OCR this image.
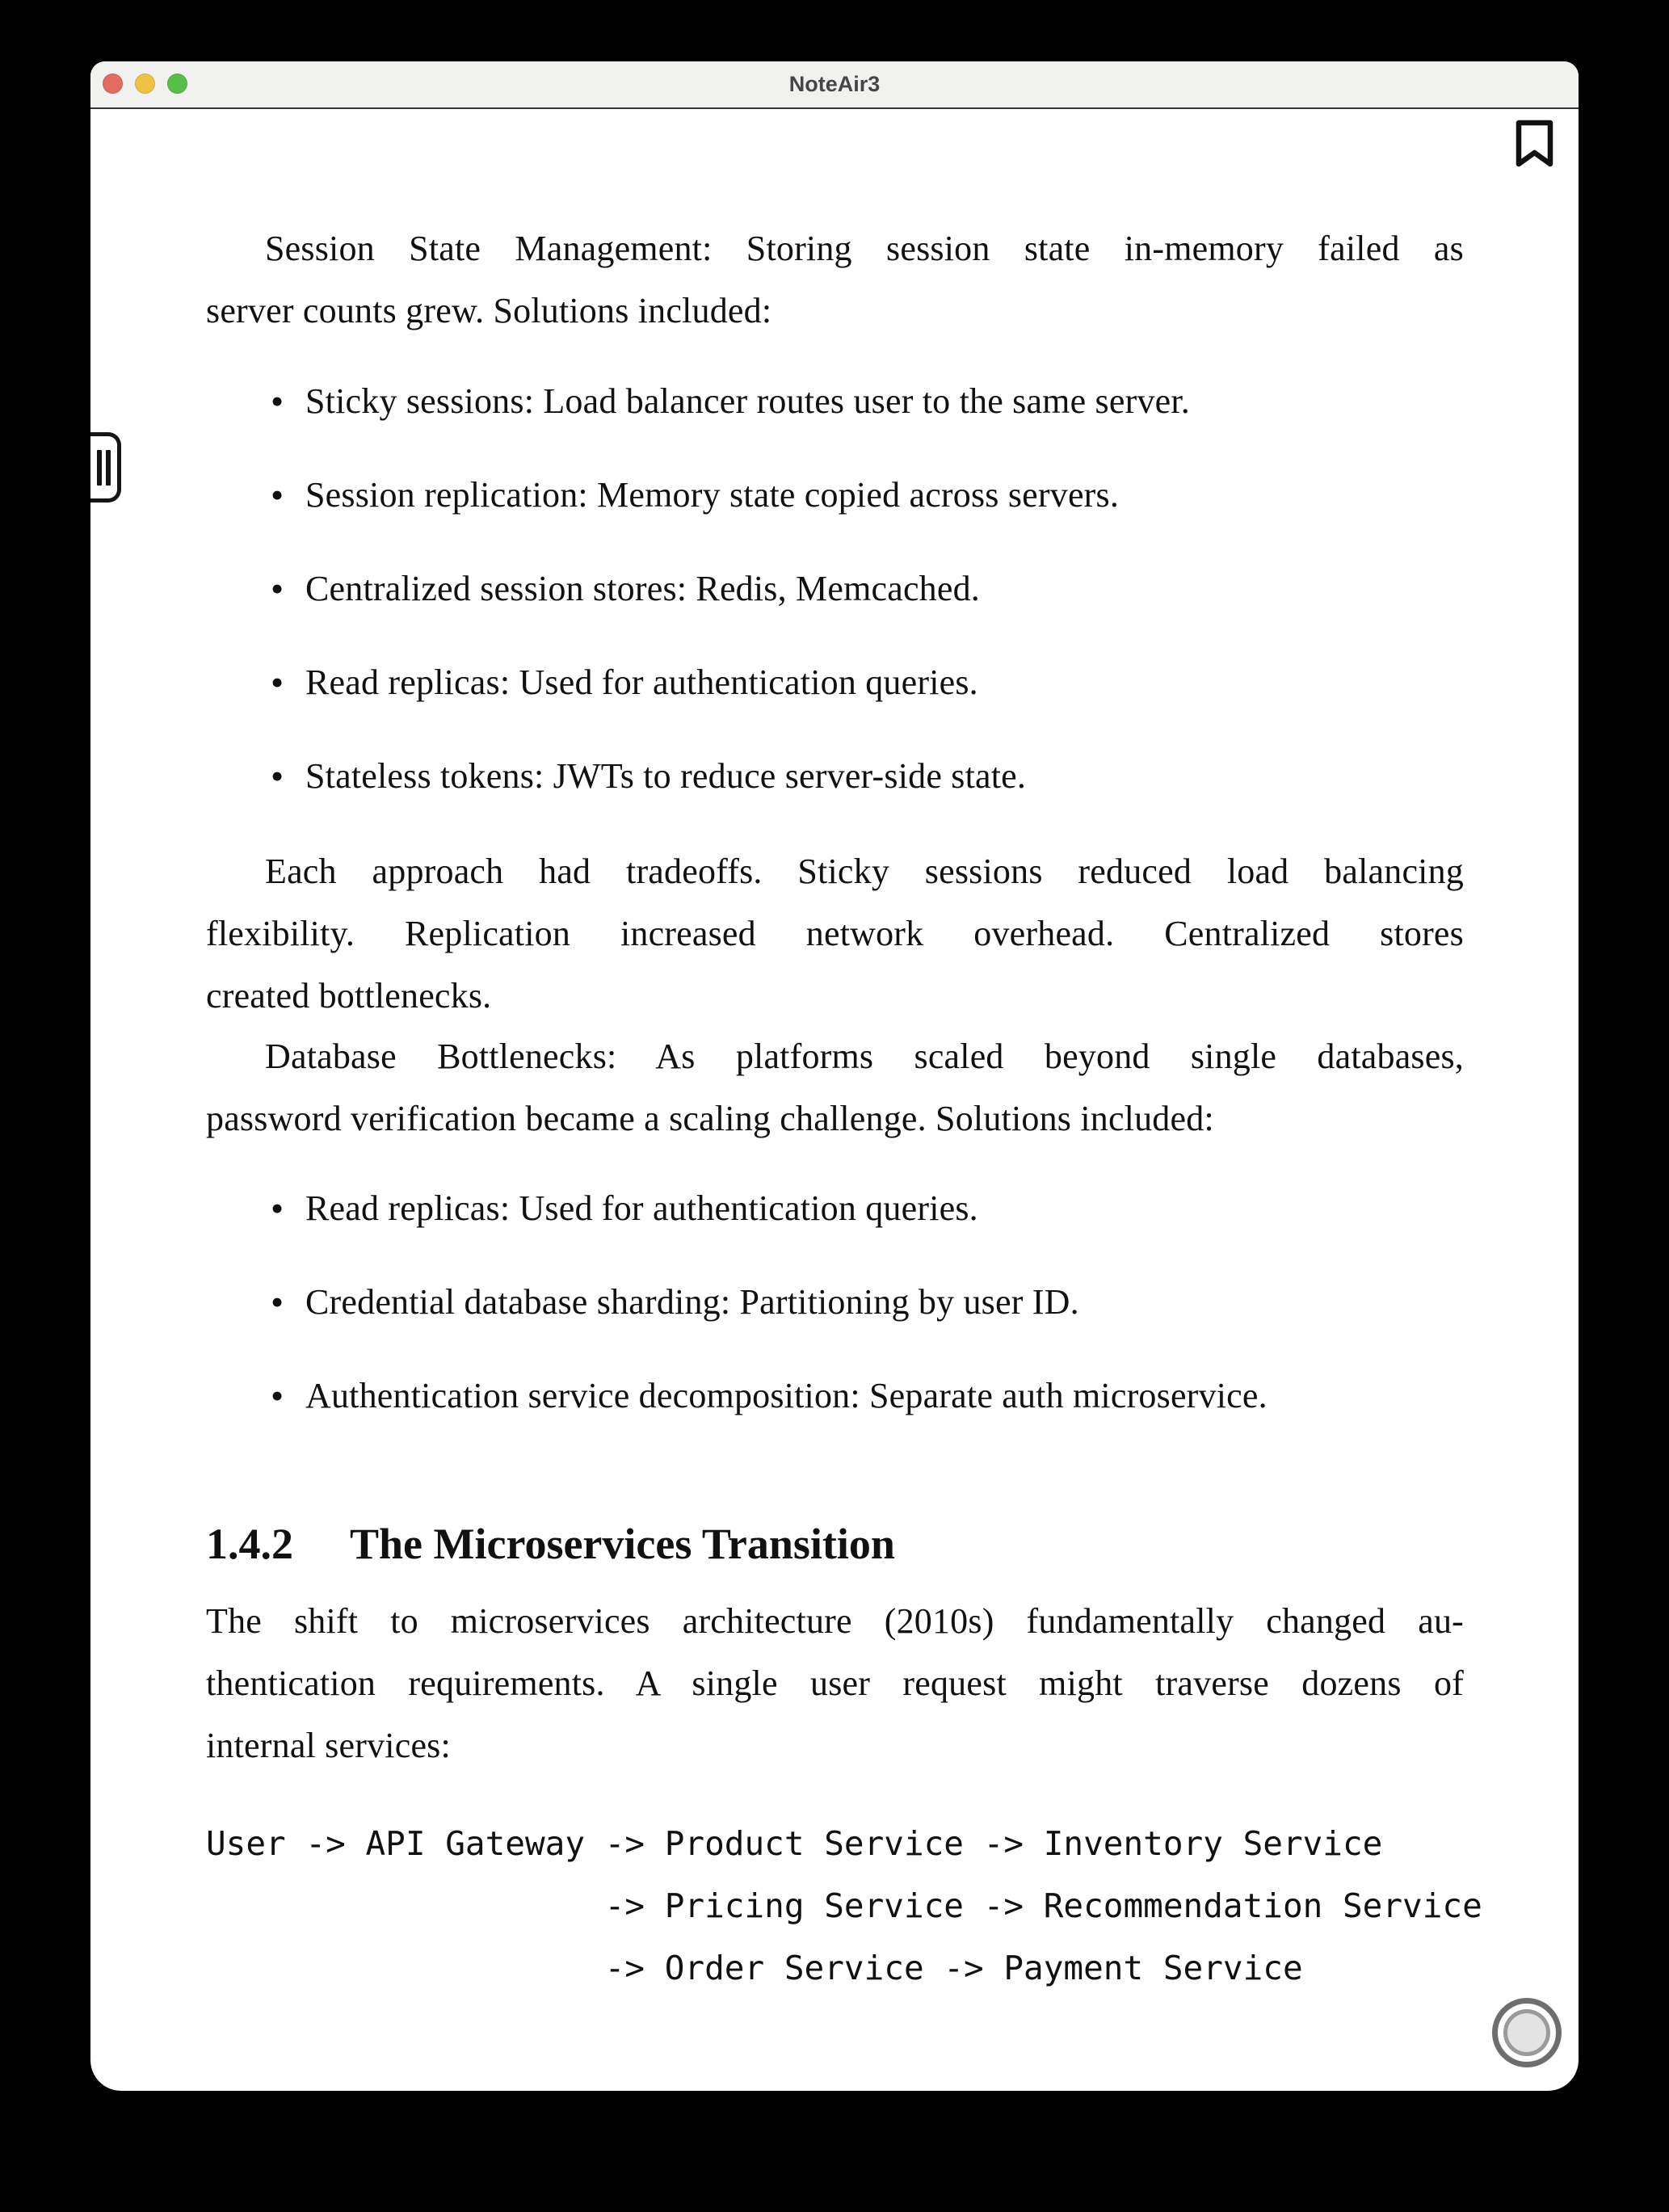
NoteAir3
Session State Management: Storing session state in-memory failed as
server counts grew. Solutions included:
• Sticky sessions: Load balancer routes user to the same server.
• Session replication: Memory state copied across servers.
• Centralized session stores: Redis, Memcached.
• Read replicas: Used for authentication queries.
• Stateless tokens: JWTs to reduce server-side state.
Each approach had tradeoffs. Sticky sessions reduced load balancing
flexibility. Replication increased network overhead. Centralized stores
created bottlenecks.
Database Bottlenecks: As platforms scaled beyond single databases,
password verification became a scaling challenge. Solutions included:
• Read replicas: Used for authentication queries.
• Credential database sharding: Partitioning by user ID.
• Authentication service decomposition: Separate auth microservice.
1.4.2 The Microservices Transition
The shift to microservices architecture (2010s) fundamentally changed au-
thentication requirements. A single user request might traverse dozens of
internal services:
User -> API Gateway -> Product Service -> Inventory Service
-> Pricing Service -> Recommendation Service
-> Order Service -> Payment Service
